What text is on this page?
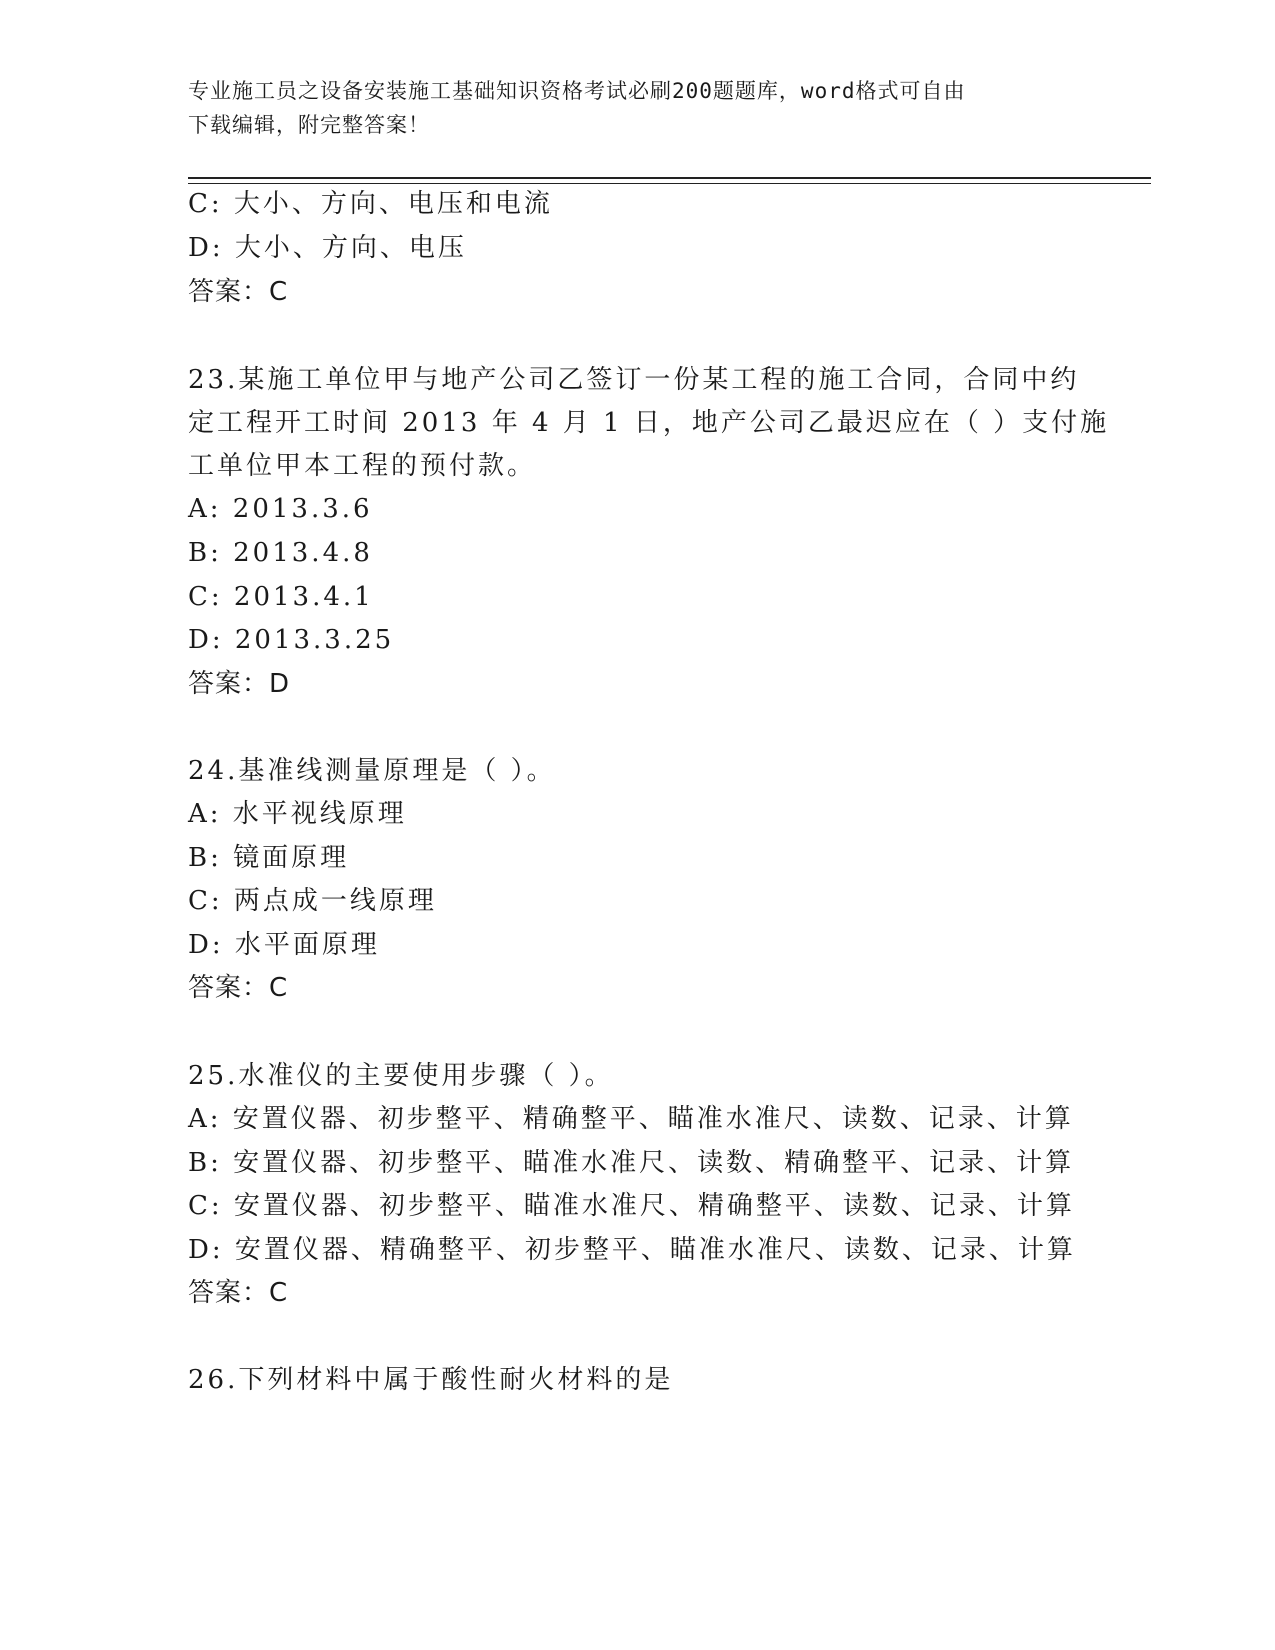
专业施工员之设备安装施工基础知识资格考试必刷200题题库，word格式可自由
下载编辑，附完整答案！
C: 大小、方向、电压和电流
D: 大小、方向、电压
答案：C
23.某施工单位甲与地产公司乙签订一份某工程的施工合同，合同中约
定工程开工时间 2013 年 4 月 1 日，地产公司乙最迟应在（ ）支付施
工单位甲本工程的预付款。
A: 2013.3.6
B: 2013.4.8
C: 2013.4.1
D: 2013.3.25
答案：D
24.基准线测量原理是（ ）。
A: 水平视线原理
B: 镜面原理
C: 两点成一线原理
D: 水平面原理
答案：C
25.水准仪的主要使用步骤（ ）。
A: 安置仪器、初步整平、精确整平、瞄准水准尺、读数、记录、计算
B: 安置仪器、初步整平、瞄准水准尺、读数、精确整平、记录、计算
C: 安置仪器、初步整平、瞄准水准尺、精确整平、读数、记录、计算
D: 安置仪器、精确整平、初步整平、瞄准水准尺、读数、记录、计算
答案：C
26.下列材料中属于酸性耐火材料的是
